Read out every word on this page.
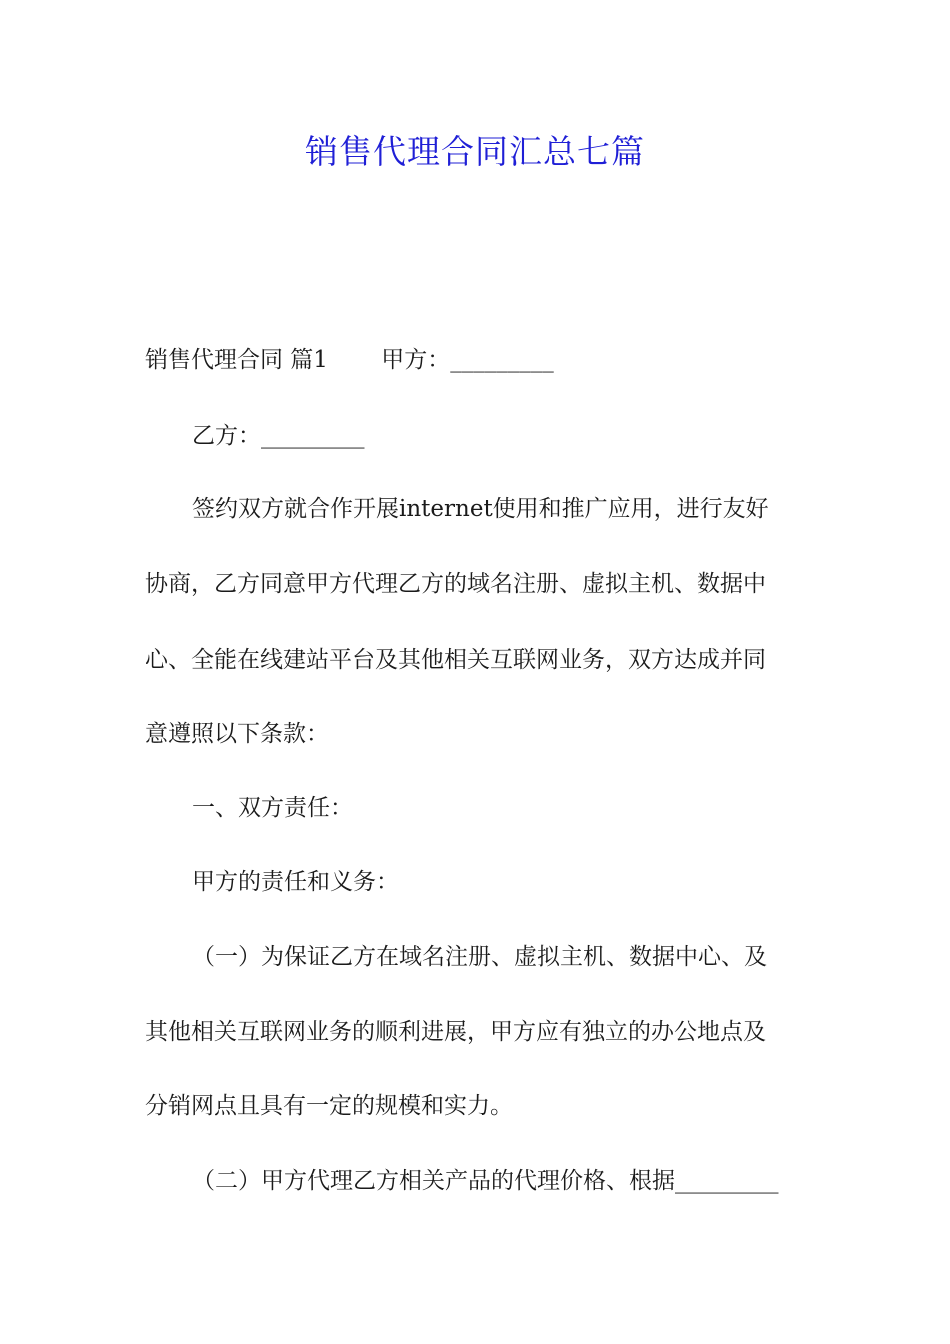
销售代理合同汇总七篇
销售代理合同 篇1　　 甲方：_________
乙方：_________
签约双方就合作开展internet使用和推广应用，进行友好
协商，乙方同意甲方代理乙方的域名注册、虚拟主机、数据中
心、全能在线建站平台及其他相关互联网业务，双方达成并同
意遵照以下条款：
一、双方责任：
甲方的责任和义务：
（一）为保证乙方在域名注册、虚拟主机、数据中心、及
其他相关互联网业务的顺利进展，甲方应有独立的办公地点及
分销网点且具有一定的规模和实力。
（二）甲方代理乙方相关产品的代理价格、根据_________
